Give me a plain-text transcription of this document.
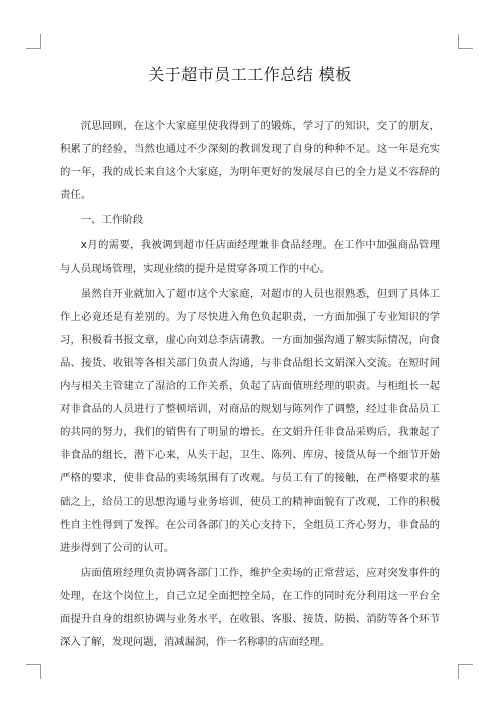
关于超市员工工作总结 模板

沉思回顾，在这个大家庭里使我得到了的锻炼，学习了的知识，交了的朋友，积累了的经验，当然也通过不少深刻的教训发现了自身的种种不足。这一年是充实的一年，我的成长来自这个大家庭，为明年更好的发展尽自已的全力是义不容辞的责任。

一、工作阶段

x月的需要，我被调到超市任店面经理兼非食品经理。在工作中加强商品管理与人员现场管理，实现业绩的提升是贯穿各项工作的中心。

虽然自开业就加入了超市这个大家庭，对超市的人员也很熟悉，但到了具体工作上必竟还是有差别的。为了尽快进入角色负起职责，一方面加强了专业知识的学习，积极看书报文章，虚心向刘总李店请教。一方面加强沟通了解实际情况，向食品、接货、收银等各相关部门负责人沟通，与非食品组长文娟深入交流。在短时间内与相关主管建立了湿洽的工作关系，负起了店面值班经理的职责。与柜组长一起对非食品的人员进行了整顿培训，对商品的规划与陈列作了调整，经过非食品员工的共同的努力，我们的销售有了明显的增长。在文娟升任非食品采购后，我兼起了非食品的组长，潜下心来，从头干起，卫生、陈列、库房、接货从每一个细节开始严格的要求，使非食品的卖场氛围有了改观。与员工有了的接触，在严格要求的基础之上，给员工的思想沟通与业务培训，使员工的精神面貌有了改观，工作的积极性自主性得到了发挥。在公司各部门的关心支持下，全组员工齐心努力，非食品的进步得到了公司的认可。

店面值班经理负责协调各部门工作，维护全卖场的正常营运，应对突发事件的处理，在这个岗位上，自己立足全面把控全局，在工作的同时充分利用这一平台全面提升自身的组织协调与业务水平，在收银、客服、接货、防损、消防等各个环节深入了解，发现问题，消减漏洞，作一名称职的店面经理。
